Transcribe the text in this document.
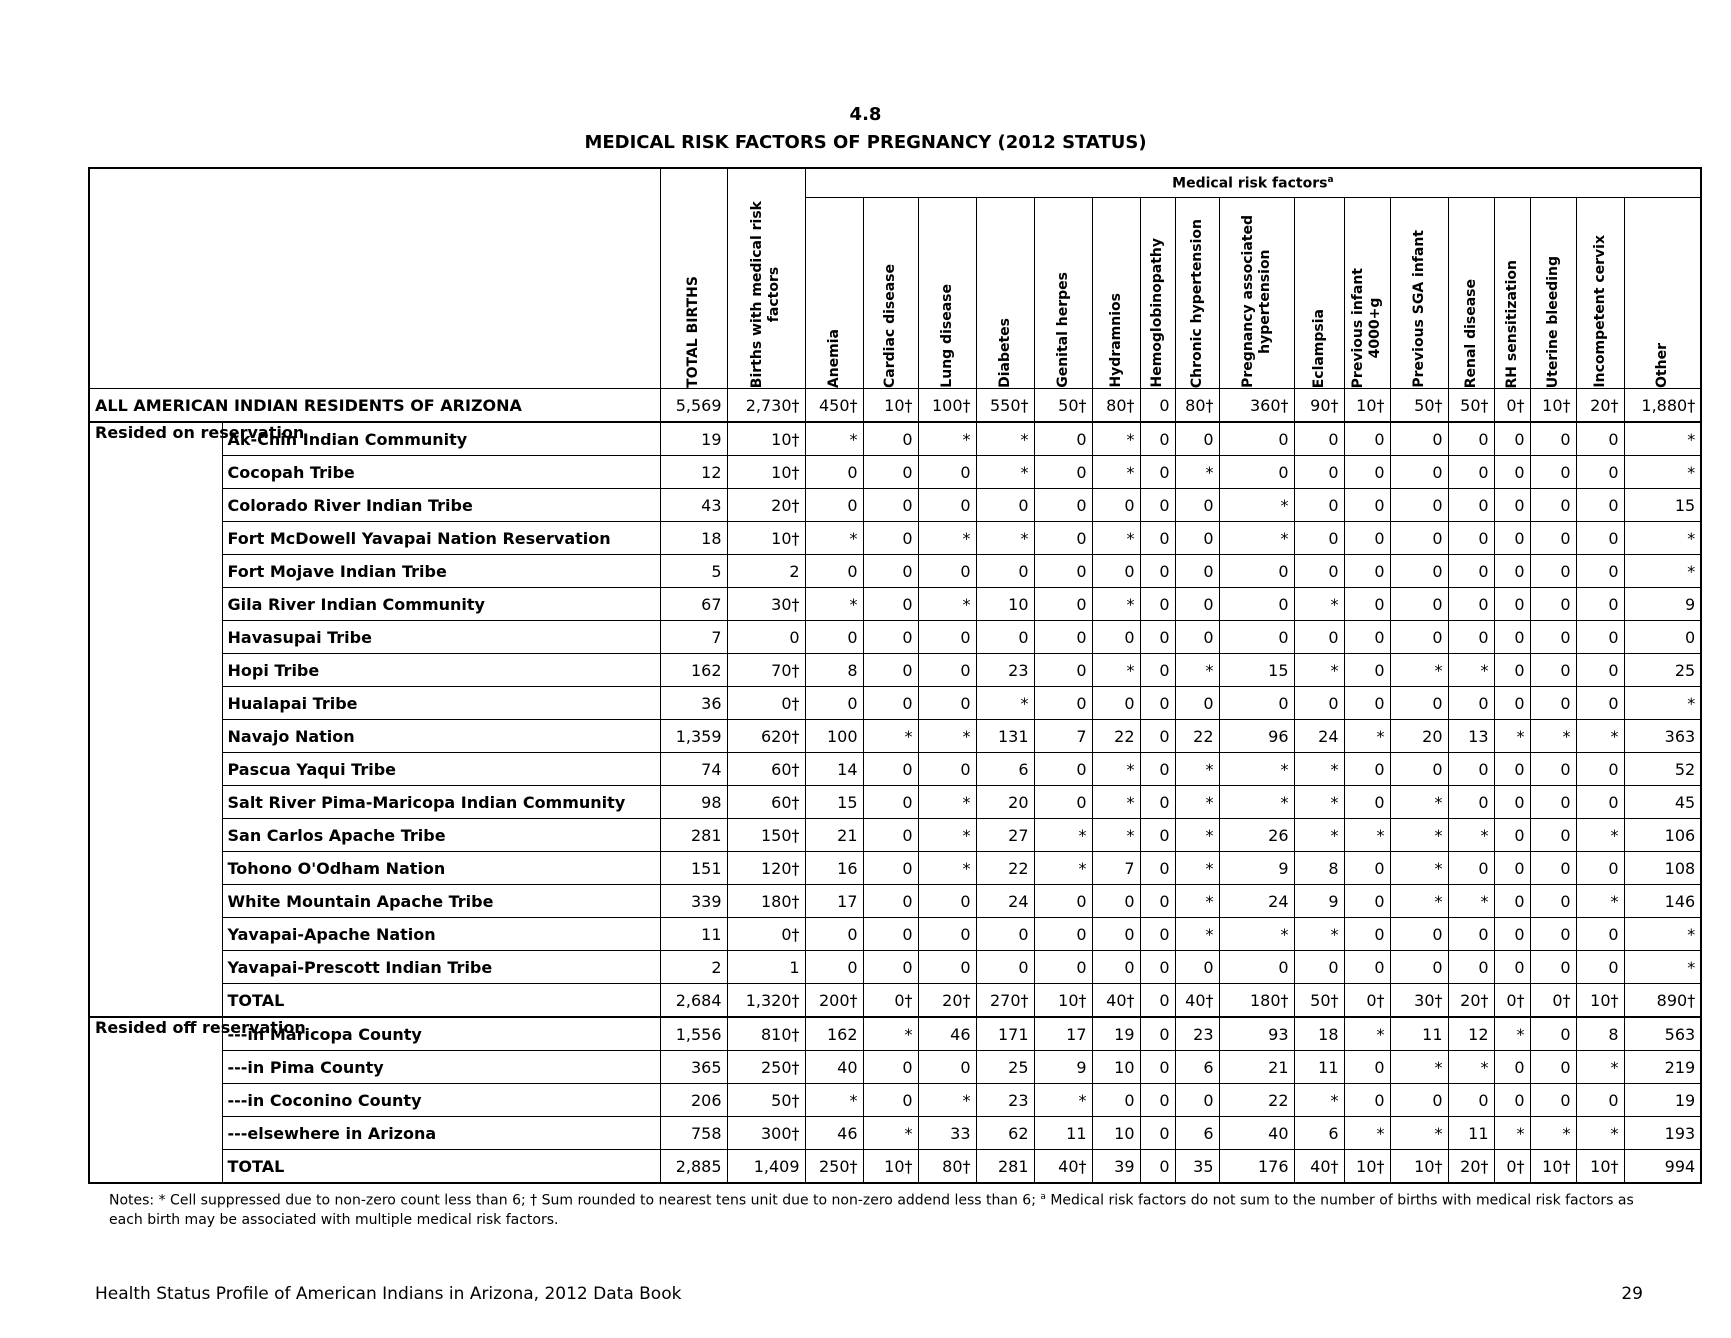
4.8
MEDICAL RISK FACTORS OF PREGNANCY (2012 STATUS)

		TOTAL BIRTHS	Births with medical risk
factors	Medical risk factors$^a$

				Anemia	Cardiac disease	Lung disease	Diabetes	Genital herpes	Hydramnios	Hemoglobinopathy	Chronic hypertension	Pregnancy associated
hypertension	Eclampsia	Previous infant
4000+g	Previous SGA infant	Renal disease	RH sensitization	Uterine bleeding	Incompetent cervix	Other

ALL AMERICAN INDIAN RESIDENTS OF ARIZONA		5,569	2,730†	450†	10†	100†	550†	50†	80†	0	80†	360†	90†	10†	50†	50†	0†	10†	20†	1,880†
Resided on reservation	Ak-Chin Indian Community	19	10†	*	0	*	*	0	*	0	0	0	0	0	0	0	0	0	0	*
	Cocopah Tribe	12	10†	0	0	0	*	0	*	0	*	0	0	0	0	0	0	0	0	*
	Colorado River Indian Tribe	43	20†	0	0	0	0	0	0	0	0	*	0	0	0	0	0	0	0	15
	Fort McDowell Yavapai Nation Reservation	18	10†	*	0	*	*	0	*	0	0	*	0	0	0	0	0	0	0	*
	Fort Mojave Indian Tribe	5	2	0	0	0	0	0	0	0	0	0	0	0	0	0	0	0	0	*
	Gila River Indian Community	67	30†	*	0	*	10	0	*	0	0	0	*	0	0	0	0	0	0	9
	Havasupai Tribe	7	0	0	0	0	0	0	0	0	0	0	0	0	0	0	0	0	0	0
	Hopi Tribe	162	70†	8	0	0	23	0	*	0	*	15	*	0	*	*	0	0	0	25
	Hualapai Tribe	36	0†	0	0	0	*	0	0	0	0	0	0	0	0	0	0	0	0	*
	Navajo Nation	1,359	620†	100	*	*	131	7	22	0	22	96	24	*	20	13	*	*	*	363
	Pascua Yaqui Tribe	74	60†	14	0	0	6	0	*	0	*	*	*	0	0	0	0	0	0	52
	Salt River Pima-Maricopa Indian Community	98	60†	15	0	*	20	0	*	0	*	*	*	0	*	0	0	0	0	45
	San Carlos Apache Tribe	281	150†	21	0	*	27	*	*	0	*	26	*	*	*	*	0	0	*	106
	Tohono O'Odham Nation	151	120†	16	0	*	22	*	7	0	*	9	8	0	*	0	0	0	0	108
	White Mountain Apache Tribe	339	180†	17	0	0	24	0	0	0	*	24	9	0	*	*	0	0	*	146
	Yavapai-Apache Nation	11	0†	0	0	0	0	0	0	0	*	*	*	0	0	0	0	0	0	*
	Yavapai-Prescott Indian Tribe	2	1	0	0	0	0	0	0	0	0	0	0	0	0	0	0	0	0	*
	TOTAL	2,684	1,320†	200†	0†	20†	270†	10†	40†	0	40†	180†	50†	0†	30†	20†	0†	0†	10†	890†
Resided off reservation	---in Maricopa County	1,556	810†	162	*	46	171	17	19	0	23	93	18	*	11	12	*	0	8	563
	---in Pima County	365	250†	40	0	0	25	9	10	0	6	21	11	0	*	*	0	0	*	219
	---in Coconino County	206	50†	*	0	*	23	*	0	0	0	22	*	0	0	0	0	0	0	19
	---elsewhere in Arizona	758	300†	46	*	33	62	11	10	0	6	40	6	*	*	11	*	*	*	193
	TOTAL	2,885	1,409	250†	10†	80†	281	40†	39	0	35	176	40†	10†	10†	20†	0†	10†	10†	994
Notes: * Cell suppressed due to non-zero count less than 6; † Sum rounded to nearest tens unit due to non-zero addend less than 6; $^a$ Medical risk factors do not sum to the number of births with medical risk factors as each birth may be associated with multiple medical risk factors.
Health Status Profile of American Indians in Arizona, 2012 Data Book	29
